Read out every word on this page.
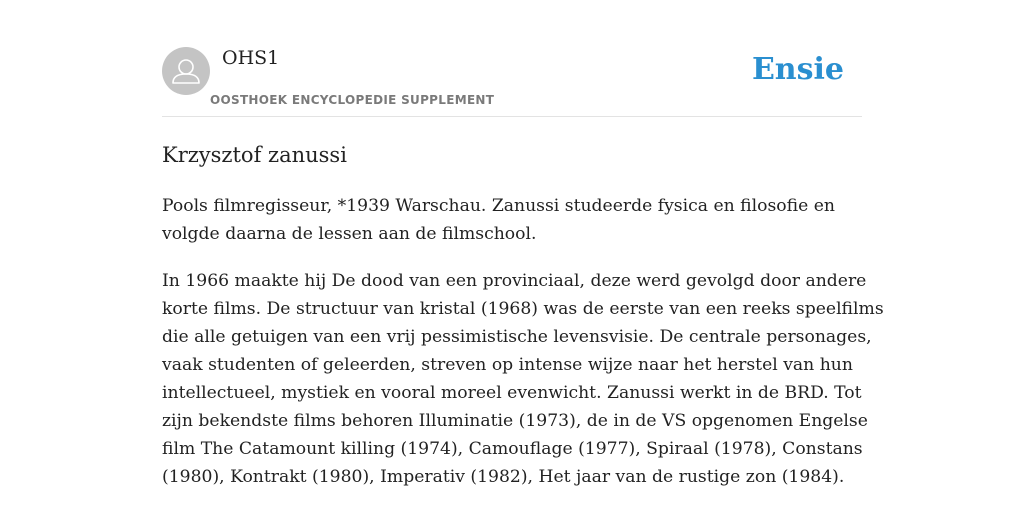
OHS1
OOSTHOEK ENCYCLOPEDIE SUPPLEMENT
Ensie
Krzysztof zanussi

Pools filmregisseur, *1939 Warschau. Zanussi studeerde fysica en filosofie en
volgde daarna de lessen aan de filmschool.

In 1966 maakte hij De dood van een provinciaal, deze werd gevolgd door andere
korte films. De structuur van kristal (1968) was de eerste van een reeks speelfilms
die alle getuigen van een vrij pessimistische levensvisie. De centrale personages,
vaak studenten of geleerden, streven op intense wijze naar het herstel van hun
intellectueel, mystiek en vooral moreel evenwicht. Zanussi werkt in de BRD. Tot
zijn bekendste films behoren Illuminatie (1973), de in de VS opgenomen Engelse
film The Catamount killing (1974), Camouflage (1977), Spiraal (1978), Constans
(1980), Kontrakt (1980), Imperativ (1982), Het jaar van de rustige zon (1984).
